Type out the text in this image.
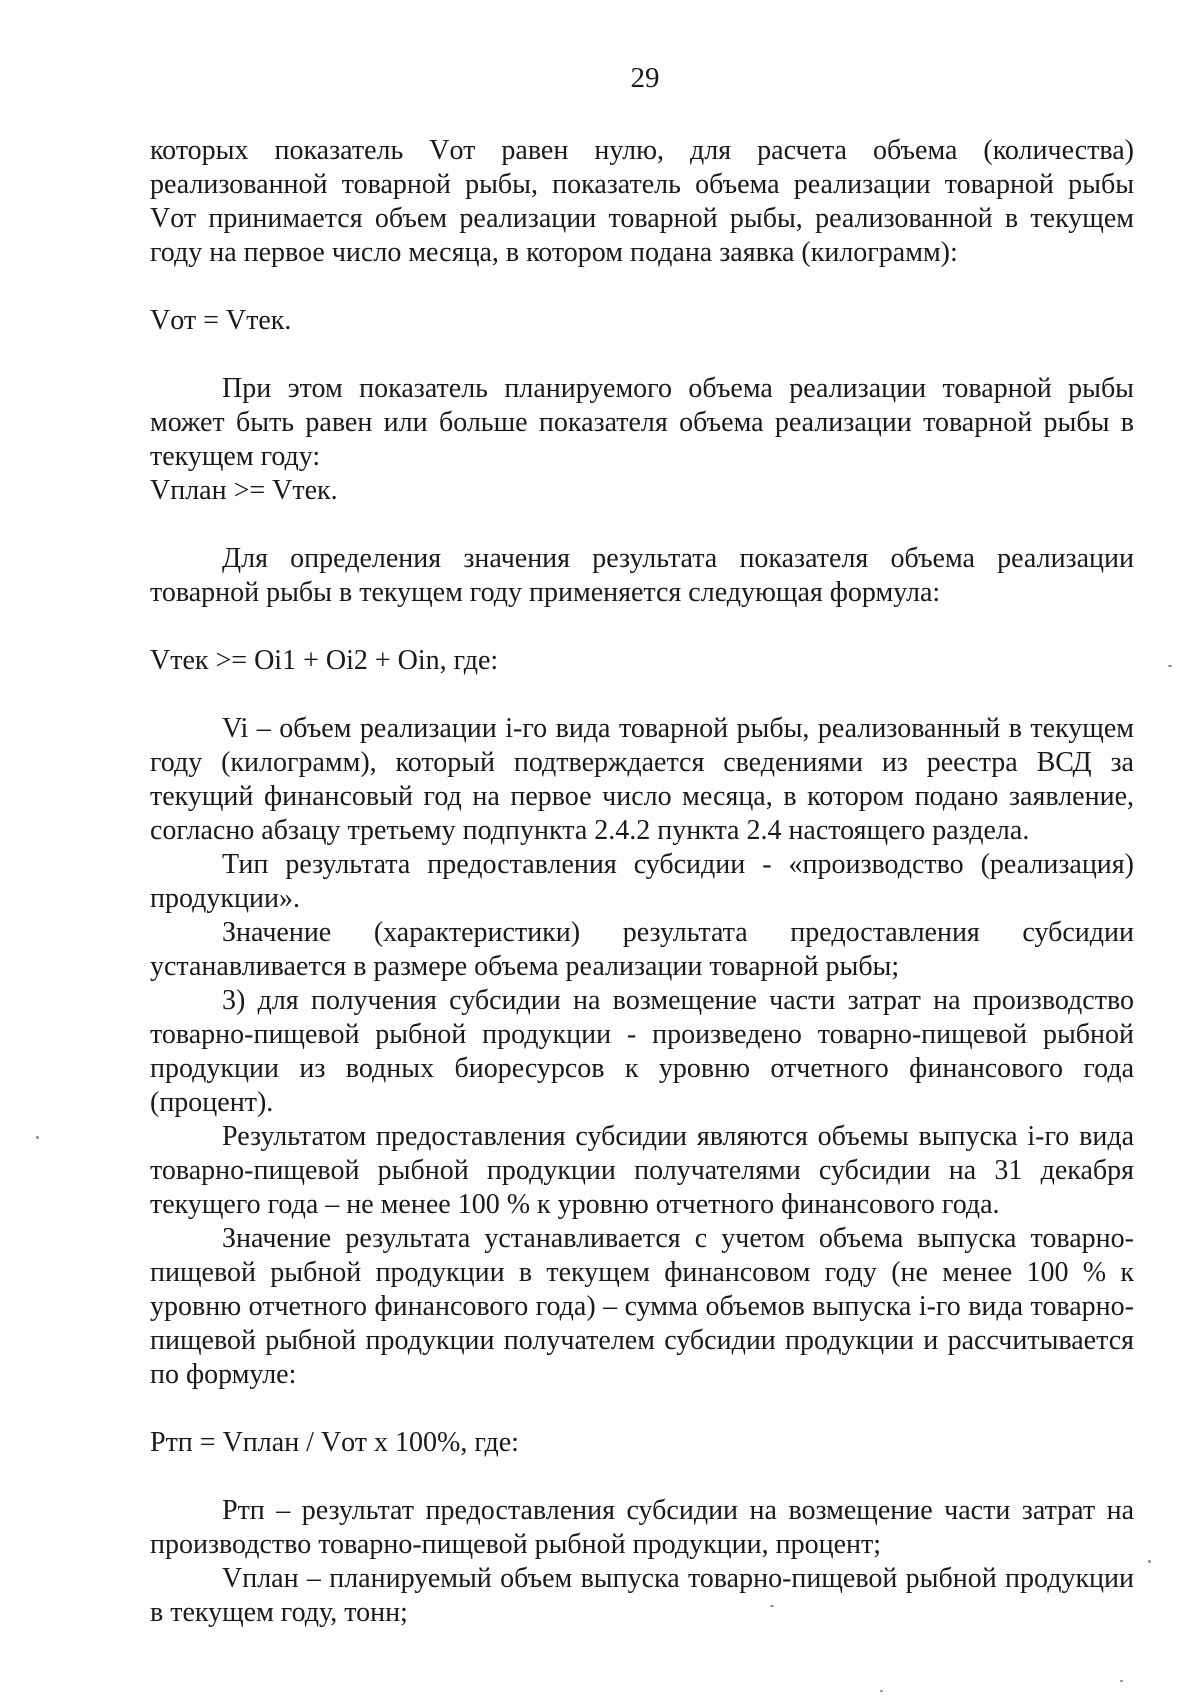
29

которых показатель Vот равен нулю, для расчета объема (количества) реализованной товарной рыбы, показатель объема реализации товарной рыбы Vот принимается объем реализации товарной рыбы, реализованной в текущем году на первое число месяца, в котором подана заявка (килограмм):

Vот = Vтек.

При этом показатель планируемого объема реализации товарной рыбы может быть равен или больше показателя объема реализации товарной рыбы в текущем году:

Vплан >= Vтек.

Для определения значения результата показателя объема реализации товарной рыбы в текущем году применяется следующая формула:

Vтек >= Оi1 + Оi2 + Оin, где:

Vi – объем реализации i-го вида товарной рыбы, реализованный в текущем году (килограмм), который подтверждается сведениями из реестра ВСД за текущий финансовый год на первое число месяца, в котором подано заявление, согласно абзацу третьему подпункта 2.4.2 пункта 2.4 настоящего раздела.

Тип результата предоставления субсидии - «производство (реализация) продукции».

Значение (характеристики) результата предоставления субсидии устанавливается в размере объема реализации товарной рыбы;

3) для получения субсидии на возмещение части затрат на производство товарно-пищевой рыбной продукции - произведено товарно-пищевой рыбной продукции из водных биоресурсов к уровню отчетного финансового года (процент).

Результатом предоставления субсидии являются объемы выпуска i-го вида товарно-пищевой рыбной продукции получателями субсидии на 31 декабря текущего года – не менее 100 % к уровню отчетного финансового года.

Значение результата устанавливается с учетом объема выпуска товарно-пищевой рыбной продукции в текущем финансовом году (не менее 100 % к уровню отчетного финансового года) – сумма объемов выпуска i-го вида товарно-пищевой рыбной продукции получателем субсидии продукции и рассчитывается по формуле:

Ртп = Vплан / Vот x 100%, где:

Ртп – результат предоставления субсидии на возмещение части затрат на производство товарно-пищевой рыбной продукции, процент;

Vплан – планируемый объем выпуска товарно-пищевой рыбной продукции в текущем году, тонн;
